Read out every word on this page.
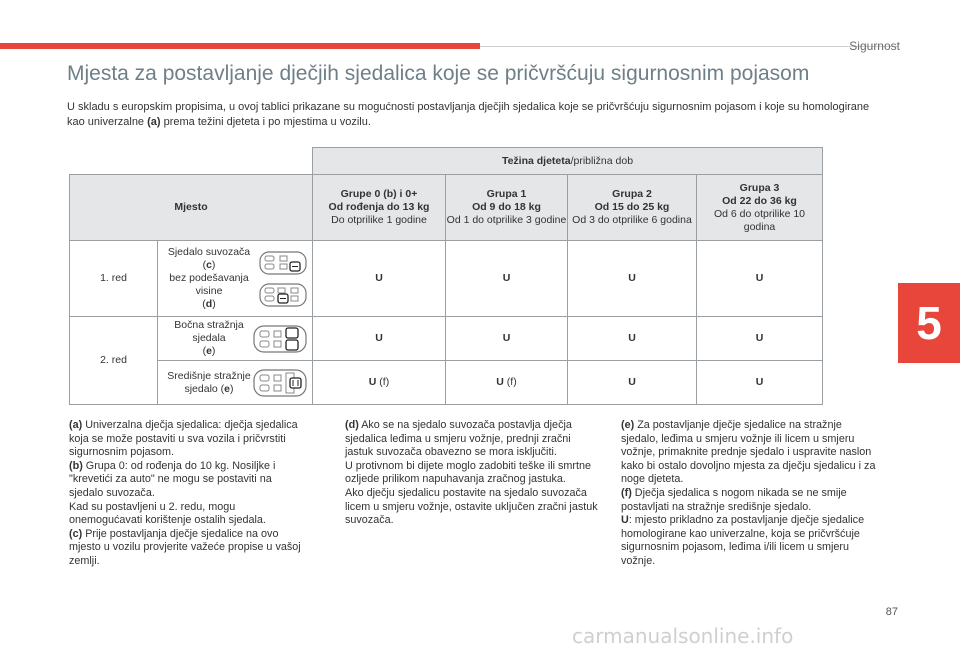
Sigurnost
5
Mjesta za postavljanje dječjih sjedalica koje se pričvršćuju sigurnosnim pojasom
U skladu s europskim propisima, u ovoj tablici prikazane su mogućnosti postavljanja dječjih sjedalica koje se pričvršćuju sigurnosnim pojasom i koje su homologirane kao univerzalne (a) prema težini djeteta i po mjestima u vozilu.
		Težina djeteta/približna dob			
Mjesto		Grupe 0 (b) i 0+
Od rođenja do 13 kg
Do otprilike 1 godine	Grupa 1
Od 9 do 18 kg
Od 1 do otprilike 3 godine	Grupa 2
Od 15 do 25 kg
Od 3 do otprilike 6 godina	Grupa 3
Od 22 do 36 kg
Od 6 do otprilike 10 godina
1. red	Sjedalo suvozača (c)
bez podešavanja visine
(d)	U	U	U	U
2. red	Bočna stražnja sjedala
(e)	U	U	U	U

	Središnje stražnje
sjedalo (e)	U (f)	U (f)	U	U

(a) Univerzalna dječja sjedalica: dječja sjedalica koja se može postaviti u sva vozila i pričvrstiti sigurnosnim pojasom.

(b) Grupa 0: od rođenja do 10 kg. Nosiljke i "krevetići za auto" ne mogu se postaviti na sjedalo suvozača.

Kad su postavljeni u 2. redu, mogu onemogućavati korištenje ostalih sjedala.

(c) Prije postavljanja dječje sjedalice na ovo mjesto u vozilu provjerite važeće propise u vašoj zemlji.

(d) Ako se na sjedalo suvozača postavlja dječja sjedalica leđima u smjeru vožnje, prednji zračni jastuk suvozača obavezno se mora isključiti.

U protivnom bi dijete moglo zadobiti teške ili smrtne ozljede prilikom napuhavanja zračnog jastuka.

Ako dječju sjedalicu postavite na sjedalo suvozača licem u smjeru vožnje, ostavite uključen zračni jastuk suvozača.

(e) Za postavljanje dječje sjedalice na stražnje sjedalo, leđima u smjeru vožnje ili licem u smjeru vožnje, primaknite prednje sjedalo i uspravite naslon kako bi ostalo dovoljno mjesta za dječju sjedalicu i za noge djeteta.

(f) Dječja sjedalica s nogom nikada se ne smije postavljati na stražnje središnje sjedalo.

U: mjesto prikladno za postavljanje dječje sjedalice homologirane kao univerzalne, koja se pričvršćuje sigurnosnim pojasom, leđima i/ili licem u smjeru vožnje.

87
carmanualsonline.info
